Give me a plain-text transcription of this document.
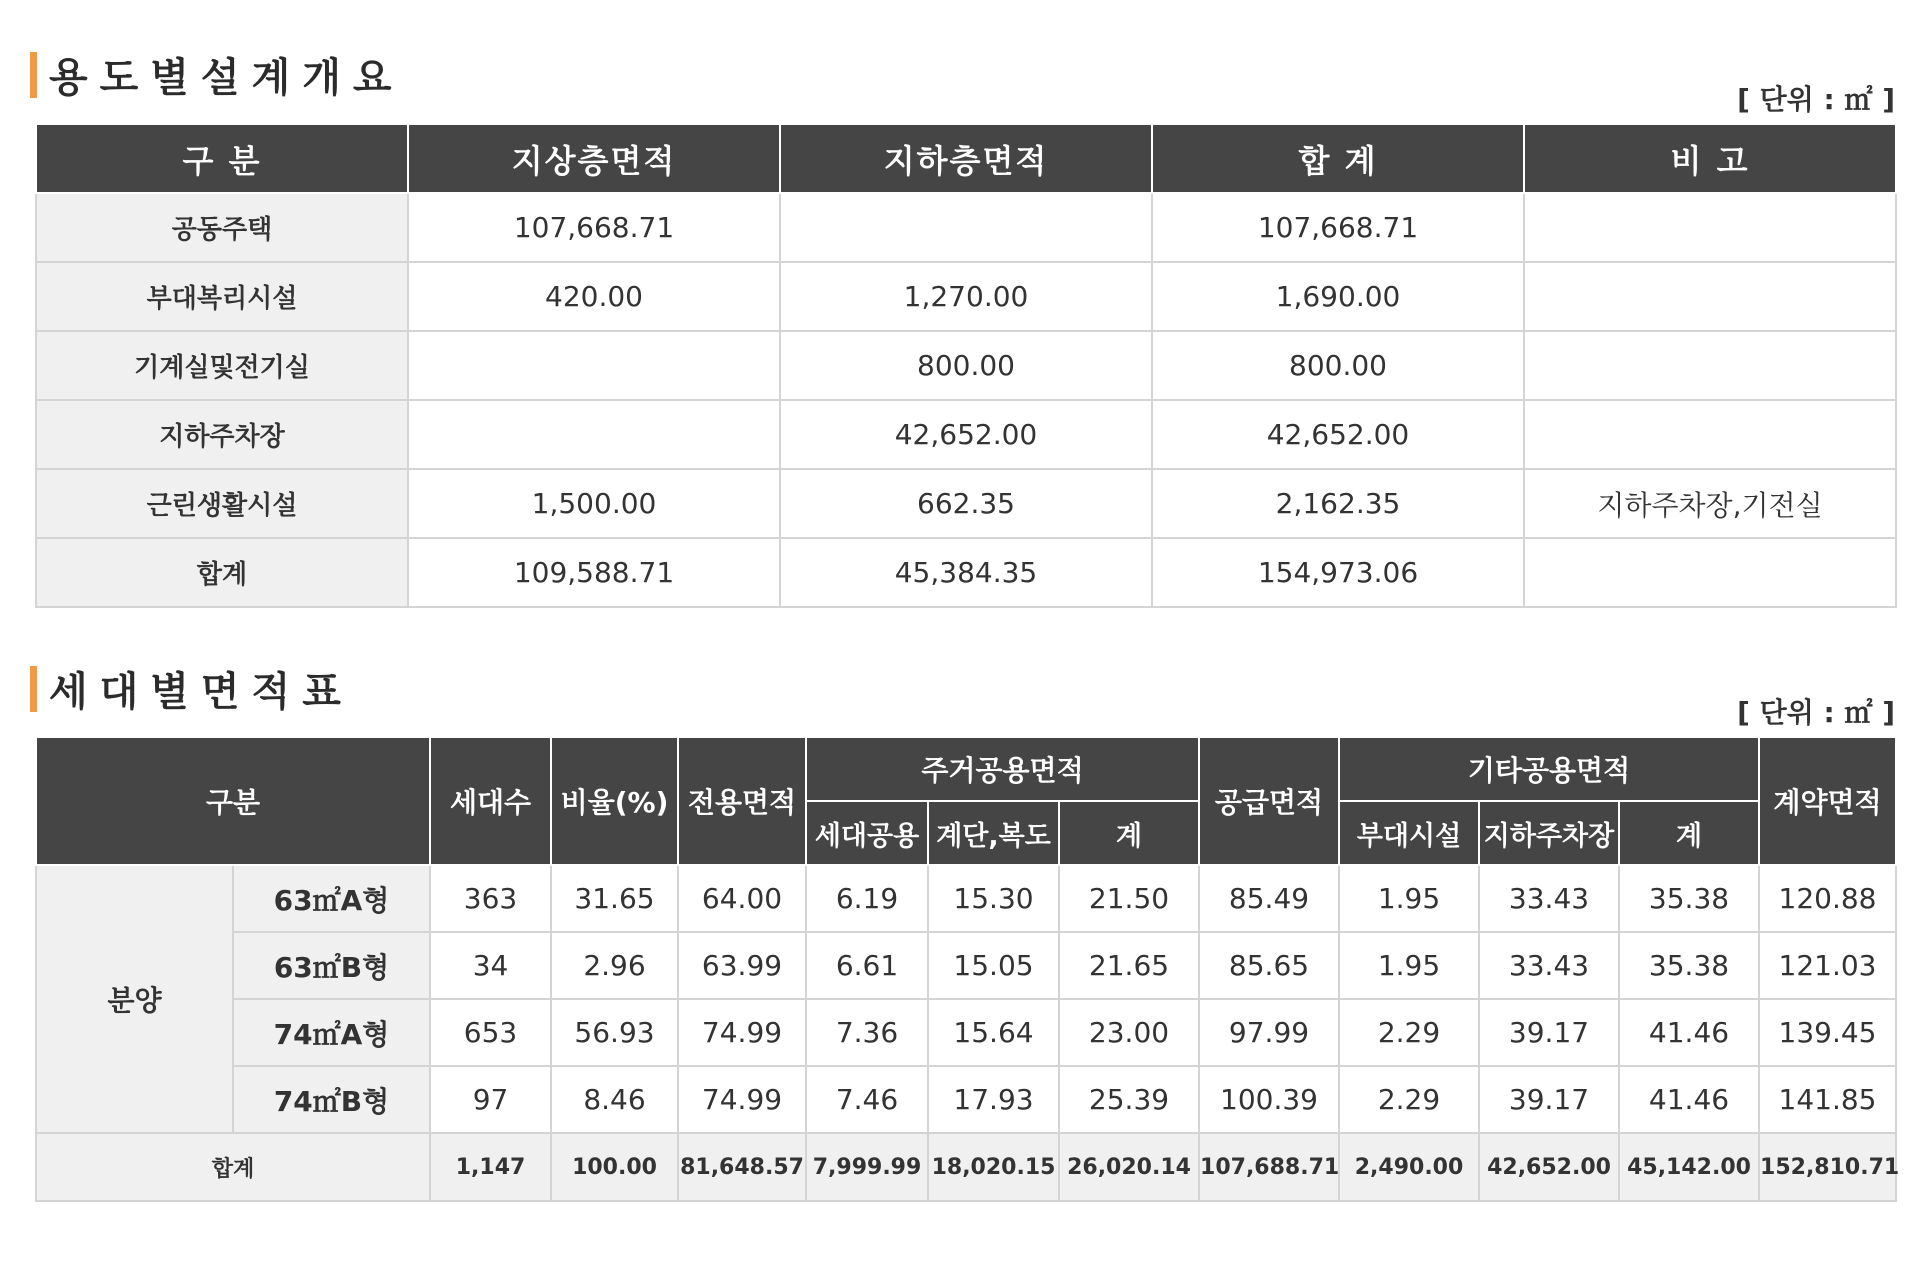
용도별설계개요	[ 단위 : ㎡ ]
구 분	지상층면적	지하층면적	합 계	비 고
공동주택	107,668.71		107,668.71	
부대복리시설	420.00	1,270.00	1,690.00	
기계실및전기실		800.00	800.00	
지하주차장		42,652.00	42,652.00	
근린생활시설	1,500.00	662.35	2,162.35	지하주차장,기전실
합계	109,588.71	45,384.35	154,973.06	
세대별면적표	[ 단위 : ㎡ ]
구분		세대수	비율(%)	전용면적	주거공용면적			공급면적	기타공용면적			계약면적
					세대공용	계단,복도	계		부대시설	지하주차장	계	
분양	63㎡A형	363	31.65	64.00	6.19	15.30	21.50	85.49	1.95	33.43	35.38	120.88
	63㎡B형	34	2.96	63.99	6.61	15.05	21.65	85.65	1.95	33.43	35.38	121.03
	74㎡A형	653	56.93	74.99	7.36	15.64	23.00	97.99	2.29	39.17	41.46	139.45
	74㎡B형	97	8.46	74.99	7.46	17.93	25.39	100.39	2.29	39.17	41.46	141.85
합계		1,147	100.00	81,648.57	7,999.99	18,020.15	26,020.14	107,688.71	2,490.00	42,652.00	45,142.00	152,810.71
